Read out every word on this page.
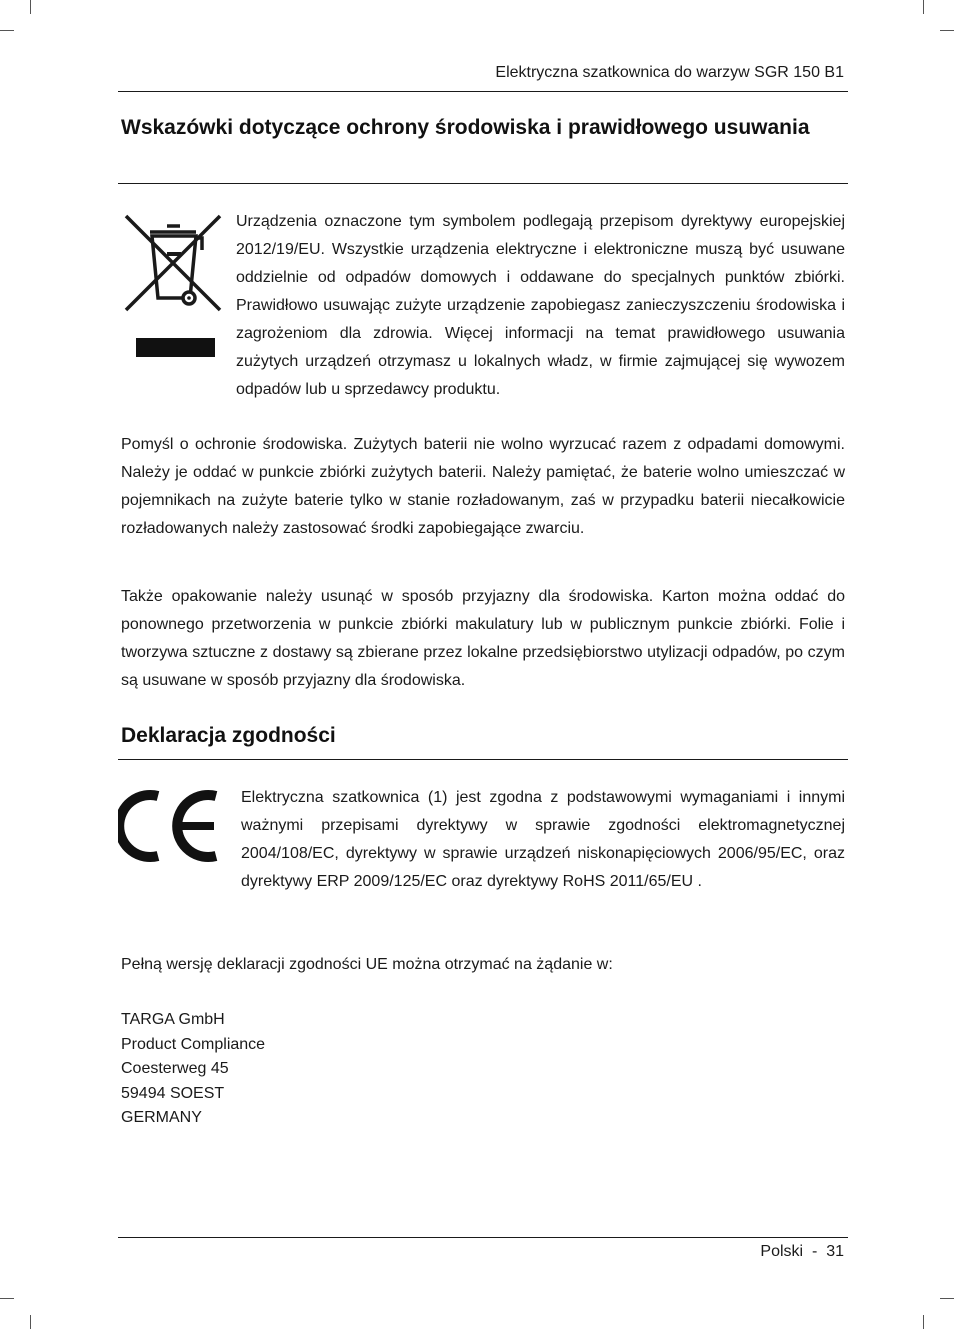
Elektryczna szatkownica do warzyw SGR 150 B1
Wskazówki dotyczące ochrony środowiska i prawidłowego usuwania

Urządzenia oznaczone tym symbolem podlegają przepisom dyrektywy europejskiej 2012/19/EU. Wszystkie urządzenia elektryczne i elektroniczne muszą być usuwane oddzielnie od odpadów domowych i oddawane do specjalnych punktów zbiórki. Prawidłowo usuwając zużyte urządzenie zapobiegasz zanieczyszczeniu środowiska i zagrożeniom dla zdrowia. Więcej informacji na temat prawidłowego usuwania zużytych urządzeń otrzymasz u lokalnych władz, w firmie zajmującej się wywozem odpadów lub u sprzedawcy produktu.

Pomyśl o ochronie środowiska. Zużytych baterii nie wolno wyrzucać razem z odpadami domowymi. Należy je oddać w punkcie zbiórki zużytych baterii. Należy pamiętać, że baterie wolno umieszczać w pojemnikach na zużyte baterie tylko w stanie rozładowanym, zaś w przypadku baterii niecałkowicie rozładowanych należy zastosować środki zapobiegające zwarciu.

Także opakowanie należy usunąć w sposób przyjazny dla środowiska. Karton można oddać do ponownego przetworzenia w punkcie zbiórki makulatury lub w publicznym punkcie zbiórki. Folie i tworzywa sztuczne z dostawy są zbierane przez lokalne przedsiębiorstwo utylizacji odpadów, po czym są usuwane w sposób przyjazny dla środowiska.

Deklaracja zgodności

Elektryczna szatkownica (1) jest zgodna z podstawowymi wymaganiami i innymi ważnymi przepisami dyrektywy w sprawie zgodności elektromagnetycznej 2004/108/EC, dyrektywy w sprawie urządzeń niskonapięciowych 2006/95/EC, oraz dyrektywy ERP 2009/125/EC oraz dyrektywy RoHS 2011/65/EU .

Pełną wersję deklaracji zgodności UE można otrzymać na żądanie w:

TARGA GmbH
Product Compliance
Coesterweg 45
59494 SOEST
GERMANY
Polski  -  31
